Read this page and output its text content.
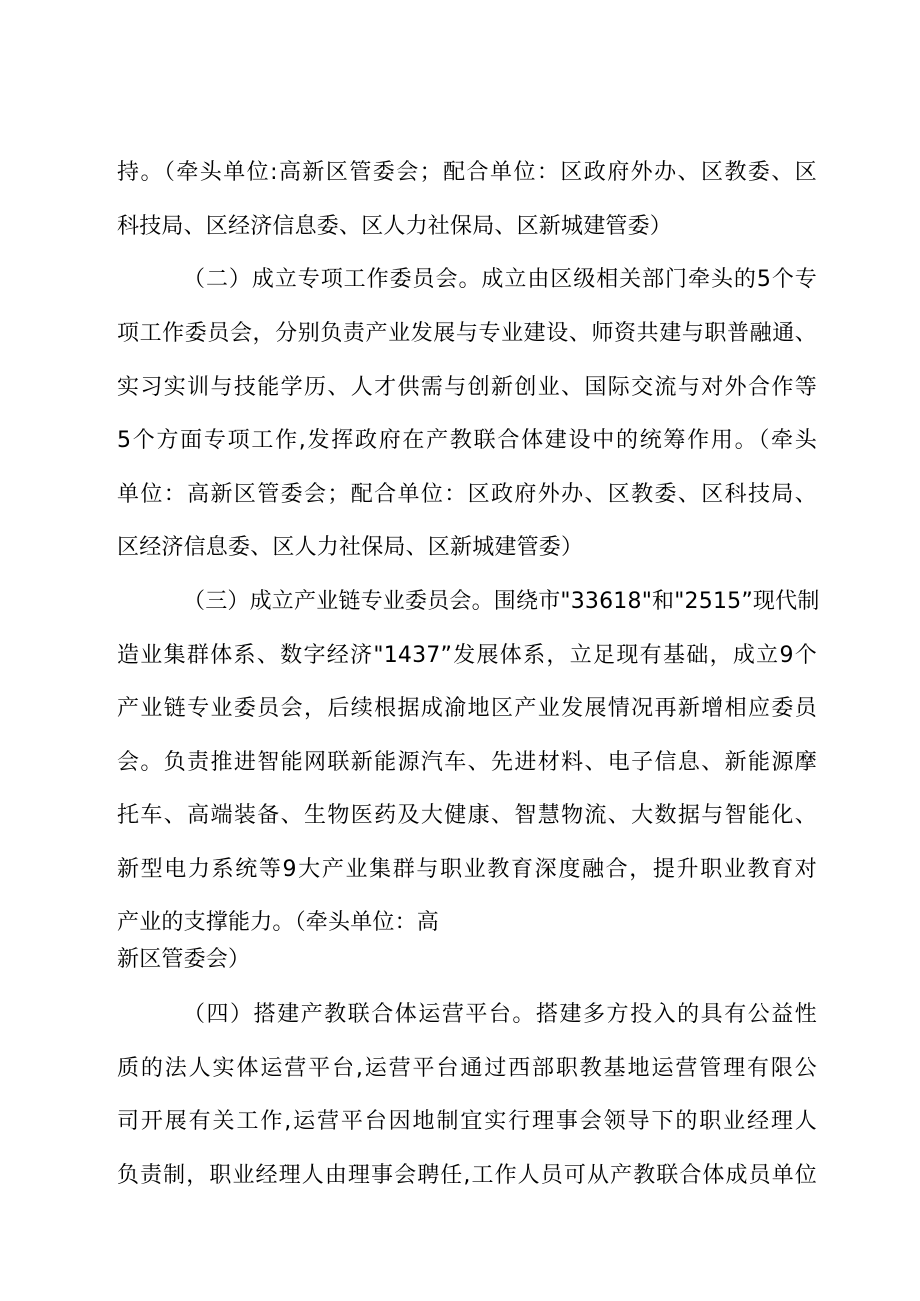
持。（牵头单位:高新区管委会；配合单位：区政府外办、区教委、区
科技局、区经济信息委、区人力社保局、区新城建管委）
（二）成立专项工作委员会。成立由区级相关部门牵头的5个专
项工作委员会，分别负责产业发展与专业建设、师资共建与职普融通、
实习实训与技能学历、人才供需与创新创业、国际交流与对外合作等
5个方面专项工作,发挥政府在产教联合体建设中的统筹作用。（牵头
单位：高新区管委会；配合单位：区政府外办、区教委、区科技局、
区经济信息委、区人力社保局、区新城建管委）
（三）成立产业链专业委员会。围绕市"33618"和"2515”现代制
造业集群体系、数字经济"1437”发展体系，立足现有基础，成立9个
产业链专业委员会，后续根据成渝地区产业发展情况再新增相应委员
会。负责推进智能网联新能源汽车、先进材料、电子信息、新能源摩
托车、高端装备、生物医药及大健康、智慧物流、大数据与智能化、
新型电力系统等9大产业集群与职业教育深度融合，提升职业教育对
产业的支撑能力。（牵头单位：高
新区管委会）
（四）搭建产教联合体运营平台。搭建多方投入的具有公益性
质的法人实体运营平台,运营平台通过西部职教基地运营管理有限公
司开展有关工作,运营平台因地制宜实行理事会领导下的职业经理人
负责制，职业经理人由理事会聘任,工作人员可从产教联合体成员单位
